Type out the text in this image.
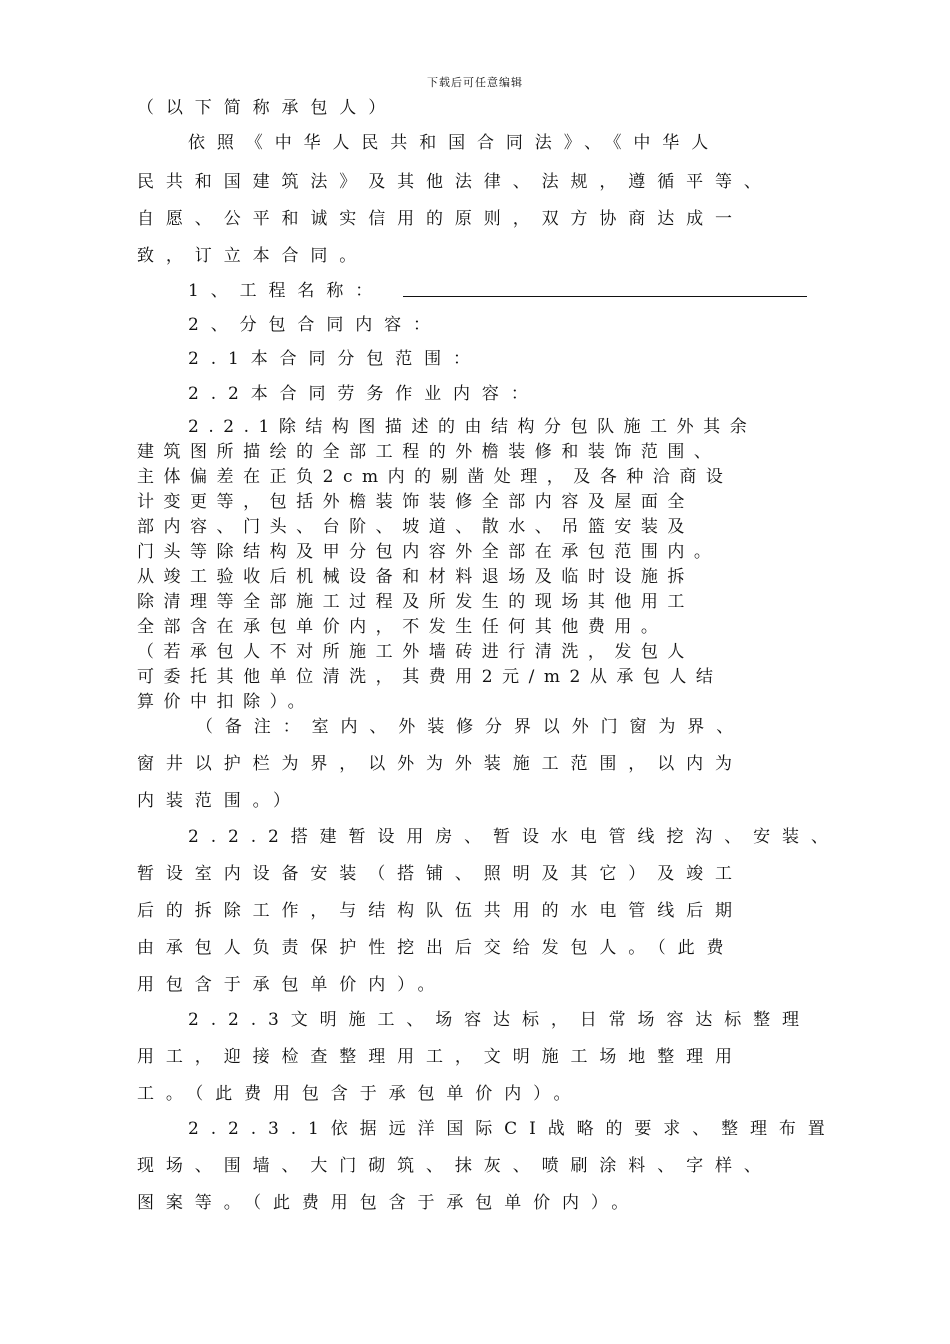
下载后可任意编辑
（以下简称承包人）
依照《中华人民共和国合同法》、《中华人
民共和国建筑法》及其他法律、法规，遵循平等、
自愿、公平和诚实信用的原则，双方协商达成一
致，订立本合同。
1、工程名称：
2、分包合同内容：
2.1本合同分包范围：
2.2本合同劳务作业内容：
2.2.1除结构图描述的由结构分包队施工外其余
建筑图所描绘的全部工程的外檐装修和装饰范围、
主体偏差在正负2cm内的剔凿处理，及各种洽商设
计变更等，包括外檐装饰装修全部内容及屋面全
部内容、门头、台阶、坡道、散水、吊篮安装及
门头等除结构及甲分包内容外全部在承包范围内。
从竣工验收后机械设备和材料退场及临时设施拆
除清理等全部施工过程及所发生的现场其他用工
全部含在承包单价内，不发生任何其他费用。
（若承包人不对所施工外墙砖进行清洗，发包人
可委托其他单位清洗，其费用2元/m2从承包人结
算价中扣除）。
（备注：室内、外装修分界以外门窗为界、
窗井以护栏为界，以外为外装施工范围，以内为
内装范围。）
2.2.2搭建暂设用房、暂设水电管线挖沟、安装、
暂设室内设备安装（搭铺、照明及其它）及竣工
后的拆除工作，与结构队伍共用的水电管线后期
由承包人负责保护性挖出后交给发包人。（此费
用包含于承包单价内）。
2.2.3文明施工、场容达标，日常场容达标整理
用工，迎接检查整理用工，文明施工场地整理用
工。（此费用包含于承包单价内）。
2.2.3.1依据远洋国际CI战略的要求、整理布置
现场、围墙、大门砌筑、抹灰、喷刷涂料、字样、
图案等。（此费用包含于承包单价内）。
